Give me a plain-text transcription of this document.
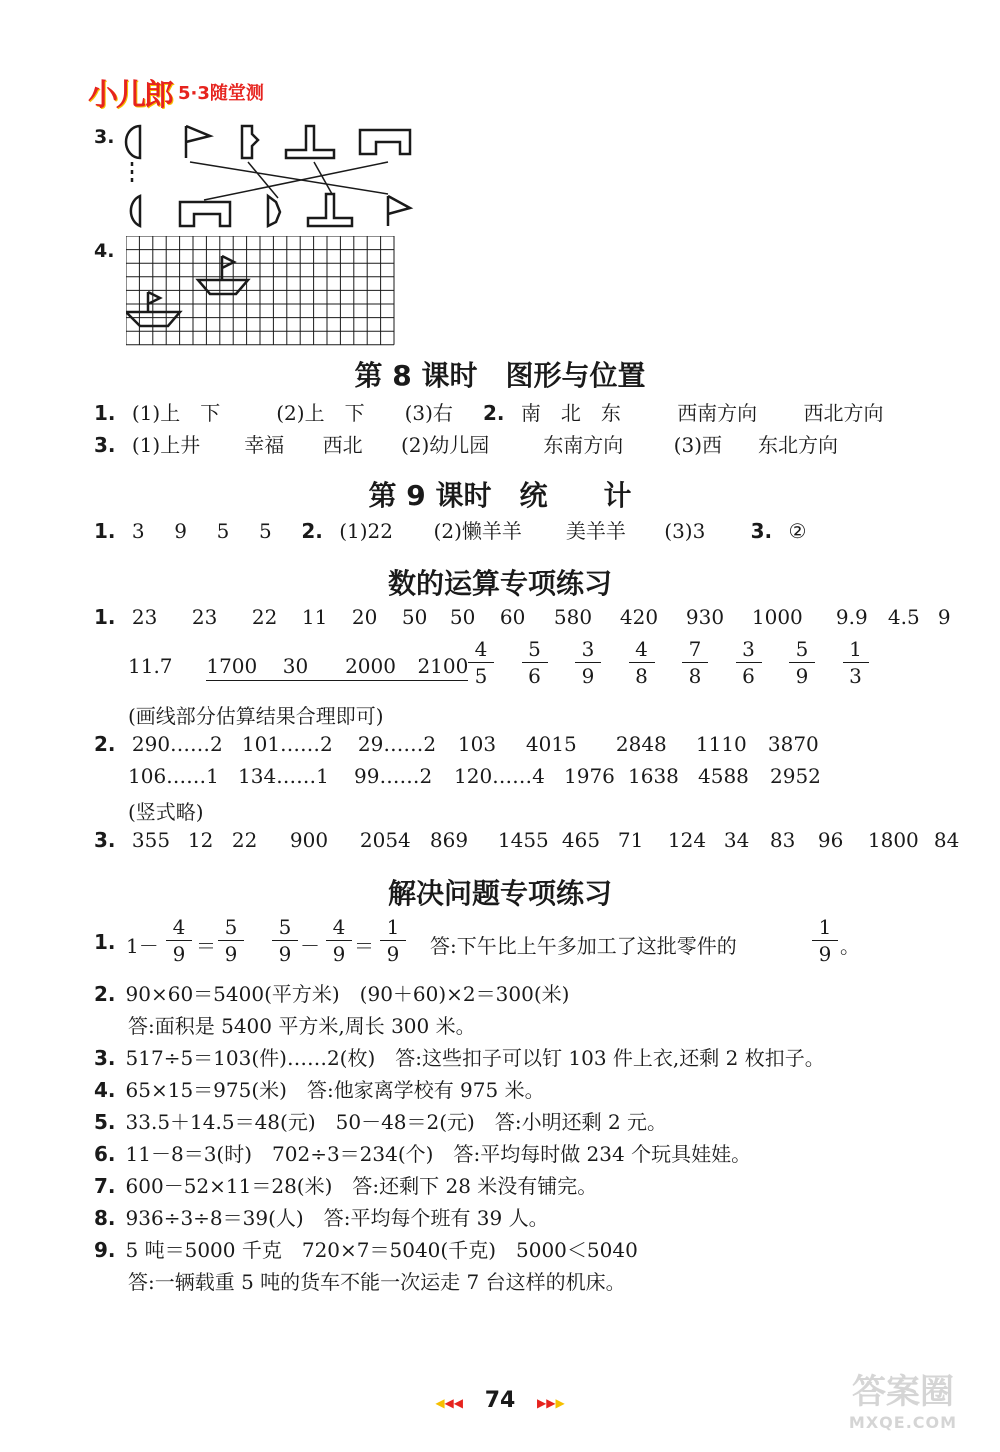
小儿郎 5·3随堂测
3.
4.
第 8 课时　图形与位置
1. (1)上　下	(2)上　下 (3)右 2. 南　北　东	西南方向 西北方向
3. (1)上井 幸福 西北 (2)幼儿园	东南方向	(3)西 东北方向
第 9 课时　统　　计
1. 3 9 5 5 2. (1)22 (2)懒羊羊 美羊羊 (3)3 3. ②
数的运算专项练习
1. 23 23 22 11 20 50 50 60 580 420 930 1000 9.9 4.5 9
11.7 1700 30 2000 $2100 \frac{4}{5} \frac{5}{6} \frac{3}{9} \frac{4}{8} \frac{7}{8} \frac{3}{6} \frac{5}{9} \frac{1}{3}$
(画线部分估算结果合理即可)
2. 290……2 101……2 29……2 103 4015 2848 1110 3870
106……1 134……1 99……2 120……4 1976 1638 4588 2952
(竖式略)
3. 355 12 22 900 2054 869 1455 465 71 124 34 83 96 1800 84
解决问题专项练习
1. 1－ ＝	－ ＝	答:下午比上午多加工了这批零件的	。
$\frac{4}{9} \frac{5}{9} \frac{5}{9} \frac{4}{9} \frac{1}{9}$	$\frac{1}{9}$
2. 90×60＝5400(平方米)　(90＋60)×2＝300(米)
答:面积是 5400 平方米,周长 300 米。
3. 517÷5＝103(件)……2(枚)　答:这些扣子可以钉 103 件上衣,还剩 2 枚扣子。
4. 65×15＝975(米)　答:他家离学校有 975 米。
5. 33.5＋14.5＝48(元)　50－48＝2(元)　答:小明还剩 2 元。
6. 11－8＝3(时)　702÷3＝234(个)　答:平均每时做 234 个玩具娃娃。
7. 600－52×11＝28(米)　答:还剩下 28 米没有铺完。
8. 936÷3÷8＝39(人)　答:平均每个班有 39 人。
9. 5 吨＝5000 千克　720×7＝5040(千克)　5000＜5040
答:一辆载重 5 吨的货车不能一次运走 7 台这样的机床。
◀◀◀ 74 ▶▶▶	答案圈
MXQE.COM
